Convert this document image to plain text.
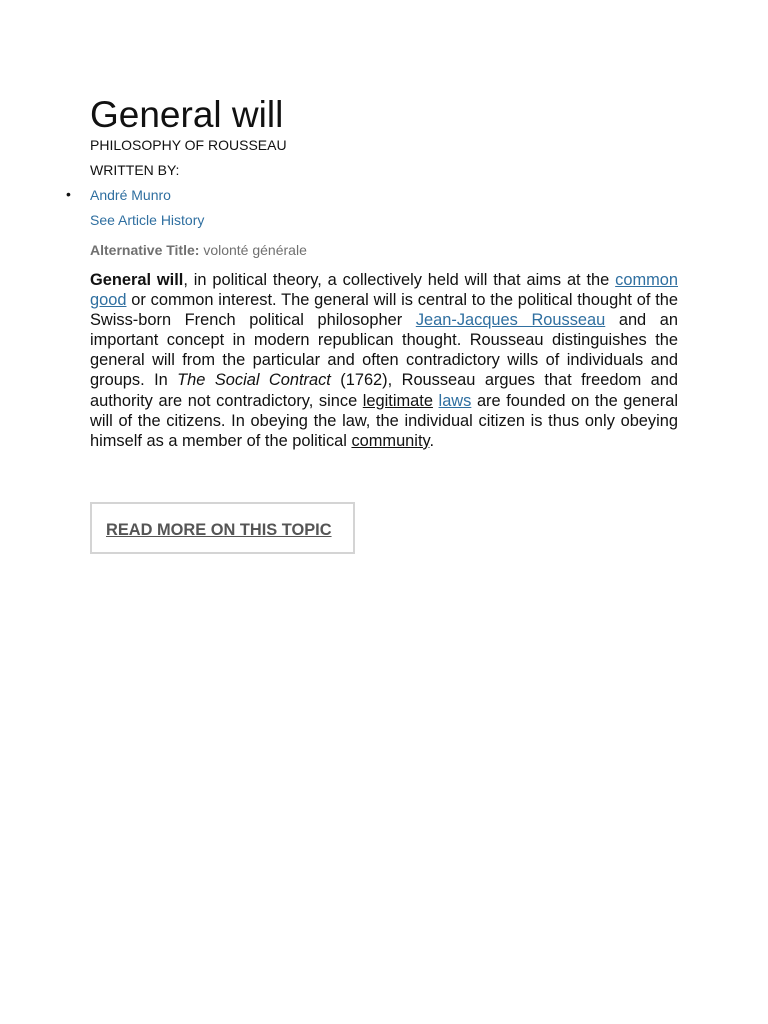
General will
PHILOSOPHY OF ROUSSEAU
WRITTEN BY:
• André Munro
See Article History
Alternative Title: volonté générale

General will, in political theory, a collectively held will that aims at the common good or common interest. The general will is central to the political thought of the Swiss-born French political philosopher Jean-Jacques Rousseau and an important concept in modern republican thought. Rousseau distinguishes the general will from the particular and often contradictory wills of individuals and groups. In The Social Contract (1762), Rousseau argues that freedom and authority are not contradictory, since legitimate laws are founded on the general will of the citizens. In obeying the law, the individual citizen is thus only obeying himself as a member of the political community.

READ MORE ON THIS TOPIC
